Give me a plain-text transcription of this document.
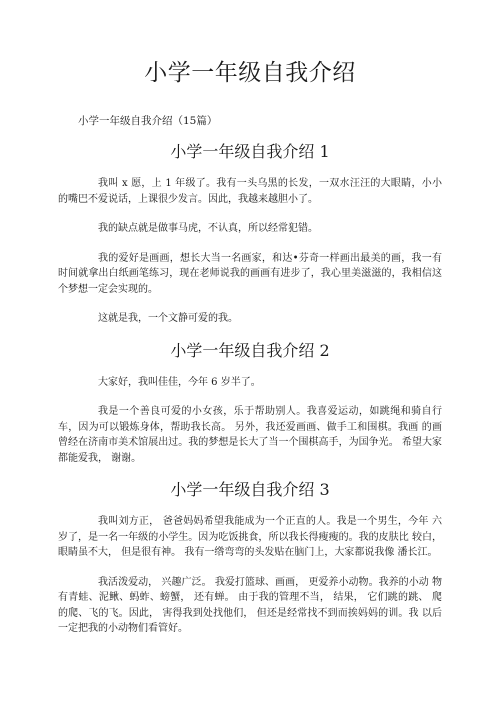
小学一年级自我介绍
小学一年级自我介绍（15篇）
小学一年级自我介绍 1

我叫 x 愿，上 1 年级了。我有一头乌黑的长发，一双水汪汪的大眼睛，小小的嘴巴不爱说话，上课很少发言。因此，我越来越胆小了。

我的缺点就是做事马虎，不认真，所以经常犯错。

我的爱好是画画，想长大当一名画家，和达•芬奇一样画出最美的画，我一有时间就拿出白纸画笔练习，现在老师说我的画画有进步了，我心里美滋滋的，我相信这个梦想一定会实现的。

这就是我，一个文静可爱的我。

小学一年级自我介绍 2

大家好，我叫佳佳，今年 6 岁半了。

我是一个善良可爱的小女孩，乐于帮助别人。我喜爱运动，如跳绳和骑自行车，因为可以锻炼身体，帮助我长高。 另外，我还爱画画、做手工和围棋。我画 的画曾经在济南市美术馆展出过。我的梦想是长大了当一个围棋高手，为国争光。 希望大家都能爱我， 谢谢。

小学一年级自我介绍 3

我叫刘方正， 爸爸妈妈希望我能成为一个正直的人。我是一个男生，今年 六岁了，是一名一年级的小学生。因为吃饭挑食，所以我长得瘦瘦的。我的皮肤比 较白，眼睛虽不大， 但是很有神。 我有一绺弯弯的头发贴在脑门上，大家都说我像 潘长江。

我活泼爱动， 兴趣广泛。 我爱打篮球、画画， 更爱养小动物。我养的小动 物有青蛙、泥鳅、蚂蚱、螃蟹， 还有蝉。 由于我的管理不当， 结果， 它们跳的跳、 爬的爬、飞的飞。因此， 害得我到处找他们， 但还是经常找不到而挨妈妈的训。我 以后一定把我的小动物们看管好。
